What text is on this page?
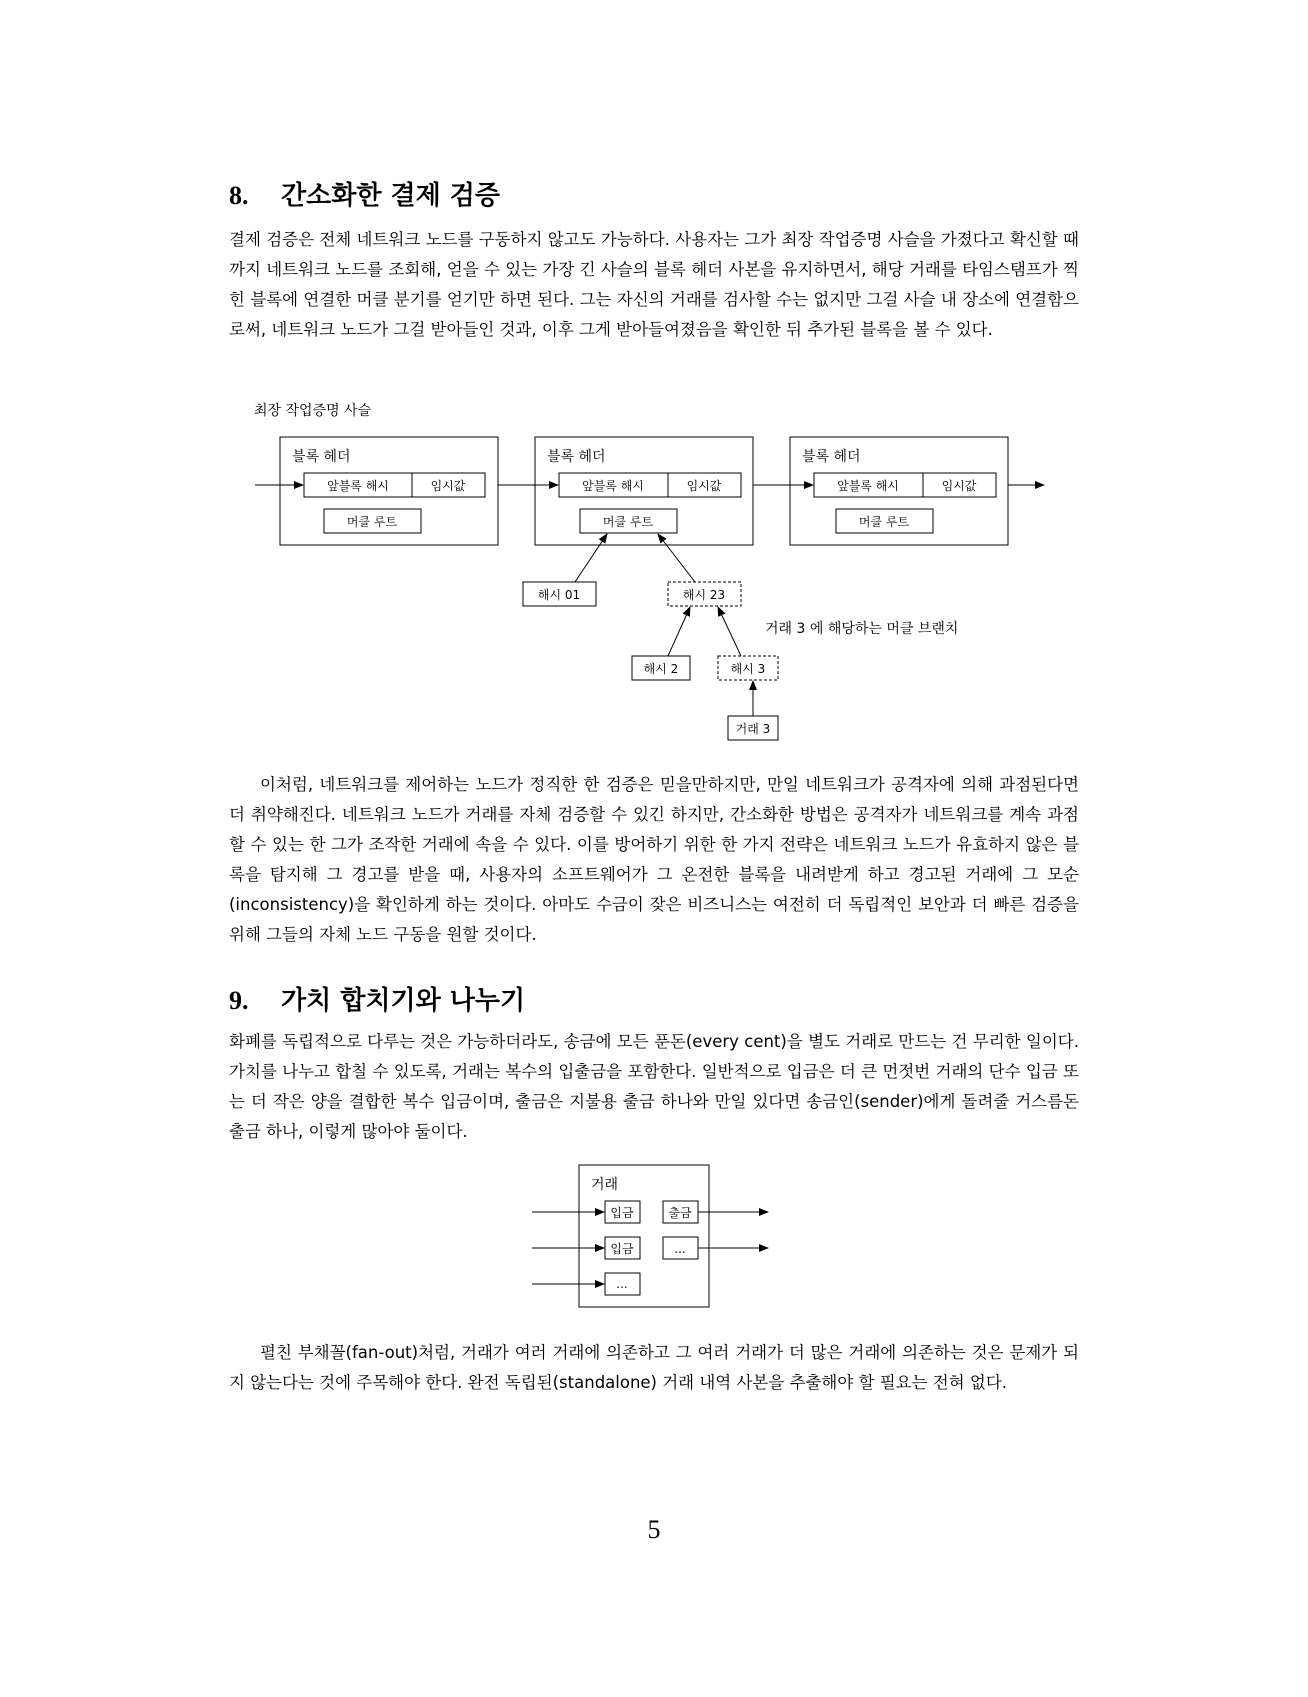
8.	간소화한 결제 검증

결제 검증은 전체 네트워크 노드를 구동하지 않고도 가능하다. 사용자는 그가 최장 작업증명 사슬을 가졌다고 확신할 때까지 네트워크 노드를 조회해, 얻을 수 있는 가장 긴 사슬의 블록 헤더 사본을 유지하면서, 해당 거래를 타임스탬프가 찍힌 블록에 연결한 머클 분기를 얻기만 하면 된다. 그는 자신의 거래를 검사할 수는 없지만 그걸 사슬 내 장소에 연결함으로써, 네트워크 노드가 그걸 받아들인 것과, 이후 그게 받아들여졌음을 확인한 뒤 추가된 블록을 볼 수 있다.

최장 작업증명 사슬
블록 헤더
앞블록 해시	임시값
머클 루트
블록 헤더
앞블록 해시	임시값
머클 루트
블록 헤더
앞블록 해시	임시값
머클 루트
해시 01	해시 23
해시 2	해시 3
거래 3
거래 3 에 해당하는 머클 브랜치

이처럼, 네트워크를 제어하는 노드가 정직한 한 검증은 믿을만하지만, 만일 네트워크가 공격자에 의해 과점된다면 더 취약해진다. 네트워크 노드가 거래를 자체 검증할 수 있긴 하지만, 간소화한 방법은 공격자가 네트워크를 계속 과점할 수 있는 한 그가 조작한 거래에 속을 수 있다. 이를 방어하기 위한 한 가지 전략은 네트워크 노드가 유효하지 않은 블록을 탐지해 그 경고를 받을 때, 사용자의 소프트웨어가 그 온전한 블록을 내려받게 하고 경고된 거래에 그 모순(inconsistency)을 확인하게 하는 것이다. 아마도 수금이 잦은 비즈니스는 여전히 더 독립적인 보안과 더 빠른 검증을 위해 그들의 자체 노드 구동을 원할 것이다.

9.	가치 합치기와 나누기

화폐를 독립적으로 다루는 것은 가능하더라도, 송금에 모든 푼돈(every cent)을 별도 거래로 만드는 건 무리한 일이다. 가치를 나누고 합칠 수 있도록, 거래는 복수의 입출금을 포함한다. 일반적으로 입금은 더 큰 먼젓번 거래의 단수 입금 또는 더 작은 양을 결합한 복수 입금이며, 출금은 지불용 출금 하나와 만일 있다면 송금인(sender)에게 돌려줄 거스름돈 출금 하나, 이렇게 많아야 둘이다.

거래
입금
입금
...
출금
...

펼친 부채꼴(fan-out)처럼, 거래가 여러 거래에 의존하고 그 여러 거래가 더 많은 거래에 의존하는 것은 문제가 되지 않는다는 것에 주목해야 한다. 완전 독립된(standalone) 거래 내역 사본을 추출해야 할 필요는 전혀 없다.

5
